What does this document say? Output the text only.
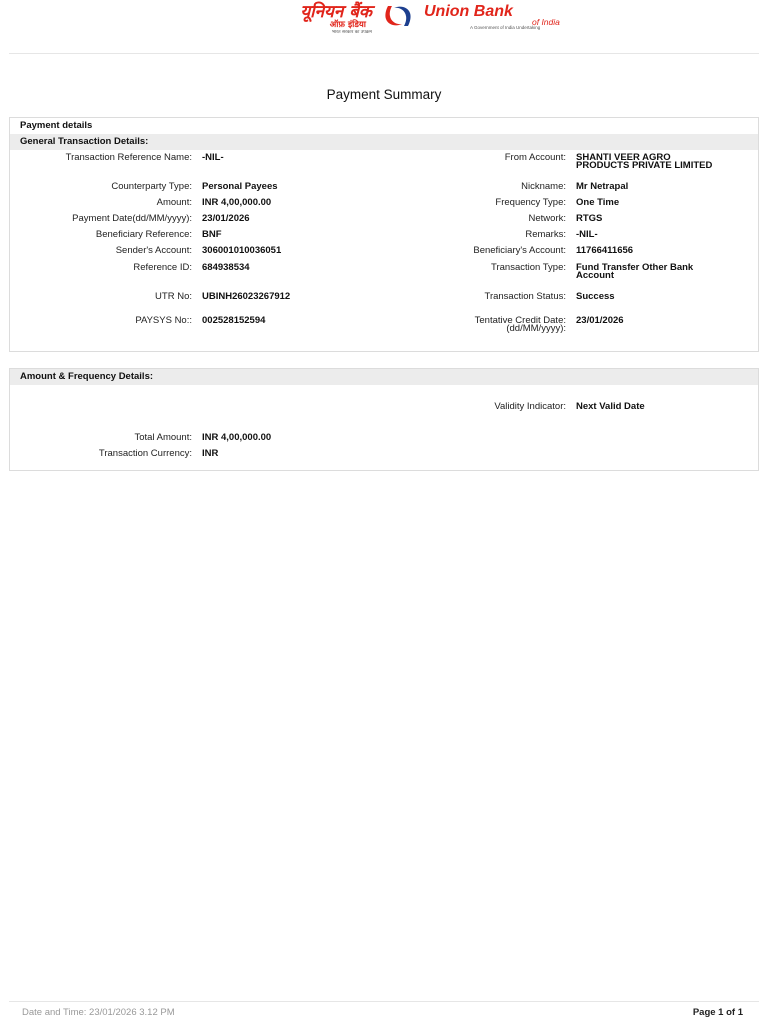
यूनियन बैंक
ऑफ़ इंडिया
भारत सरकार का उपक्रम
Union Bank
of India
A Government of India Undertaking
Payment Summary
Payment details
General Transaction Details:
Transaction Reference Name: -NIL-
Counterparty Type: Personal Payees
Amount: INR 4,00,000.00
Payment Date(dd/MM/yyyy): 23/01/2026
Beneficiary Reference: BNF
Sender's Account: 306001010036051
Reference ID: 684938534
UTR No: UBINH26023267912
PAYSYS No:: 002528152594
From Account: SHANTI VEER AGRO PRODUCTS PRIVATE LIMITED
Nickname: Mr Netrapal
Frequency Type: One Time
Network: RTGS
Remarks: -NIL-
Beneficiary's Account: 11766411656
Transaction Type: Fund Transfer Other Bank Account
Transaction Status: Success
Tentative Credit Date:(dd/MM/yyyy):
23/01/2026
Amount & Frequency Details:
Validity Indicator: Next Valid Date
Total Amount: INR 4,00,000.00
Transaction Currency: INR
Date and Time: 23/01/2026 3.12 PM	Page 1 of 1
